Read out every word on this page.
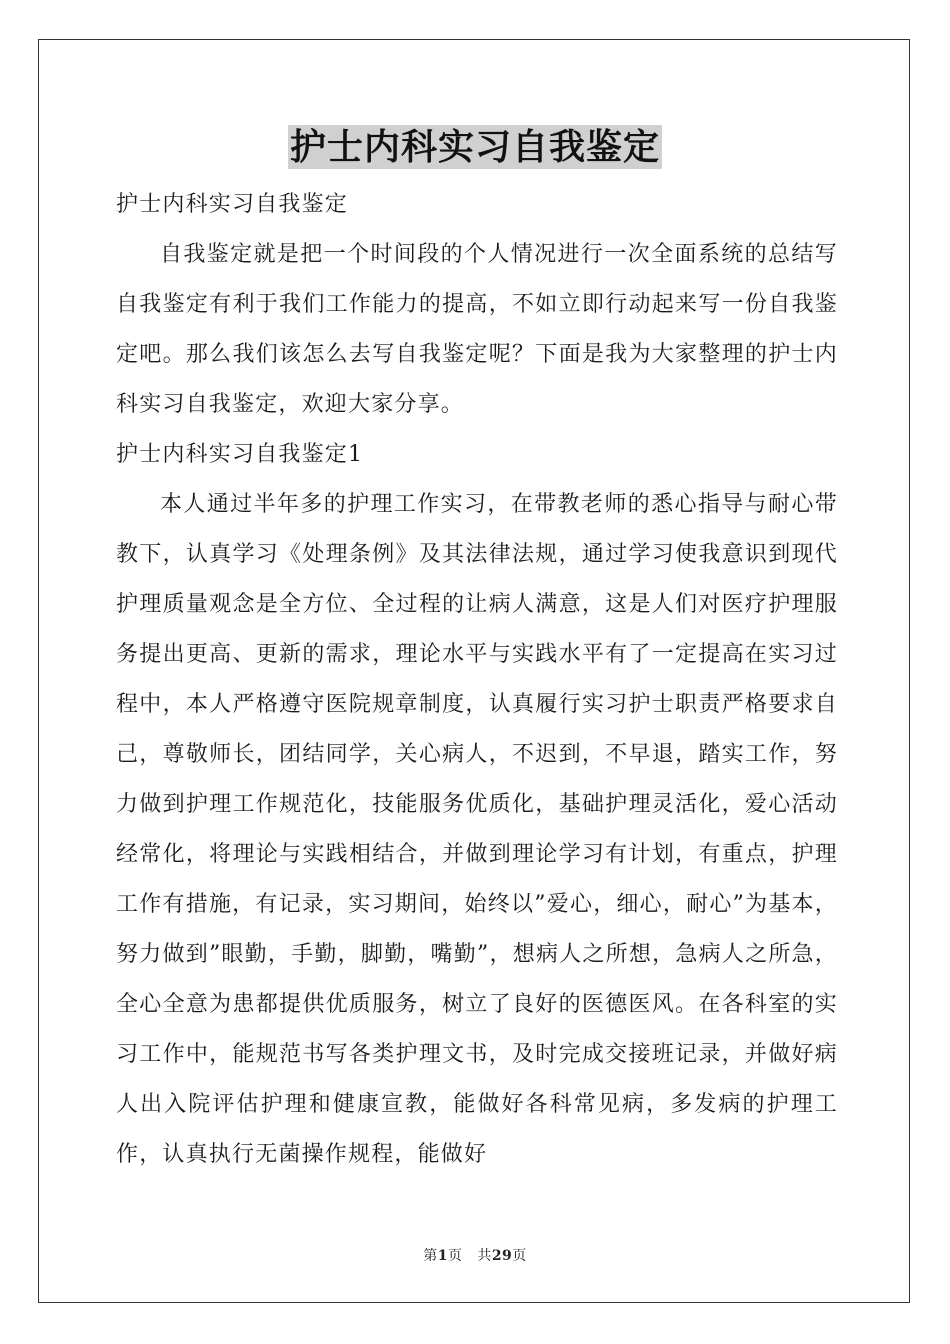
护士内科实习自我鉴定

护士内科实习自我鉴定

自我鉴定就是把一个时间段的个人情况进行一次全面系统的总结写自我鉴定有利于我们工作能力的提高，不如立即行动起来写一份自我鉴定吧。那么我们该怎么去写自我鉴定呢？下面是我为大家整理的护士内科实习自我鉴定，欢迎大家分享。

护士内科实习自我鉴定1

本人通过半年多的护理工作实习，在带教老师的悉心指导与耐心带教下，认真学习《处理条例》及其法律法规，通过学习使我意识到现代护理质量观念是全方位、全过程的让病人满意，这是人们对医疗护理服务提出更高、更新的需求，理论水平与实践水平有了一定提高在实习过程中，本人严格遵守医院规章制度，认真履行实习护士职责严格要求自己，尊敬师长，团结同学，关心病人，不迟到，不早退，踏实工作，努力做到护理工作规范化，技能服务优质化，基础护理灵活化，爱心活动经常化，将理论与实践相结合，并做到理论学习有计划，有重点，护理工作有措施，有记录，实习期间，始终以”爱心，细心，耐心”为基本，努力做到”眼勤，手勤，脚勤，嘴勤”，想病人之所想，急病人之所急，全心全意为患都提供优质服务，树立了良好的医德医风。在各科室的实习工作中，能规范书写各类护理文书，及时完成交接班记录，并做好病人出入院评估护理和健康宣教，能做好各科常见病，多发病的护理工作，认真执行无菌操作规程，能做好

第1页 共29页
